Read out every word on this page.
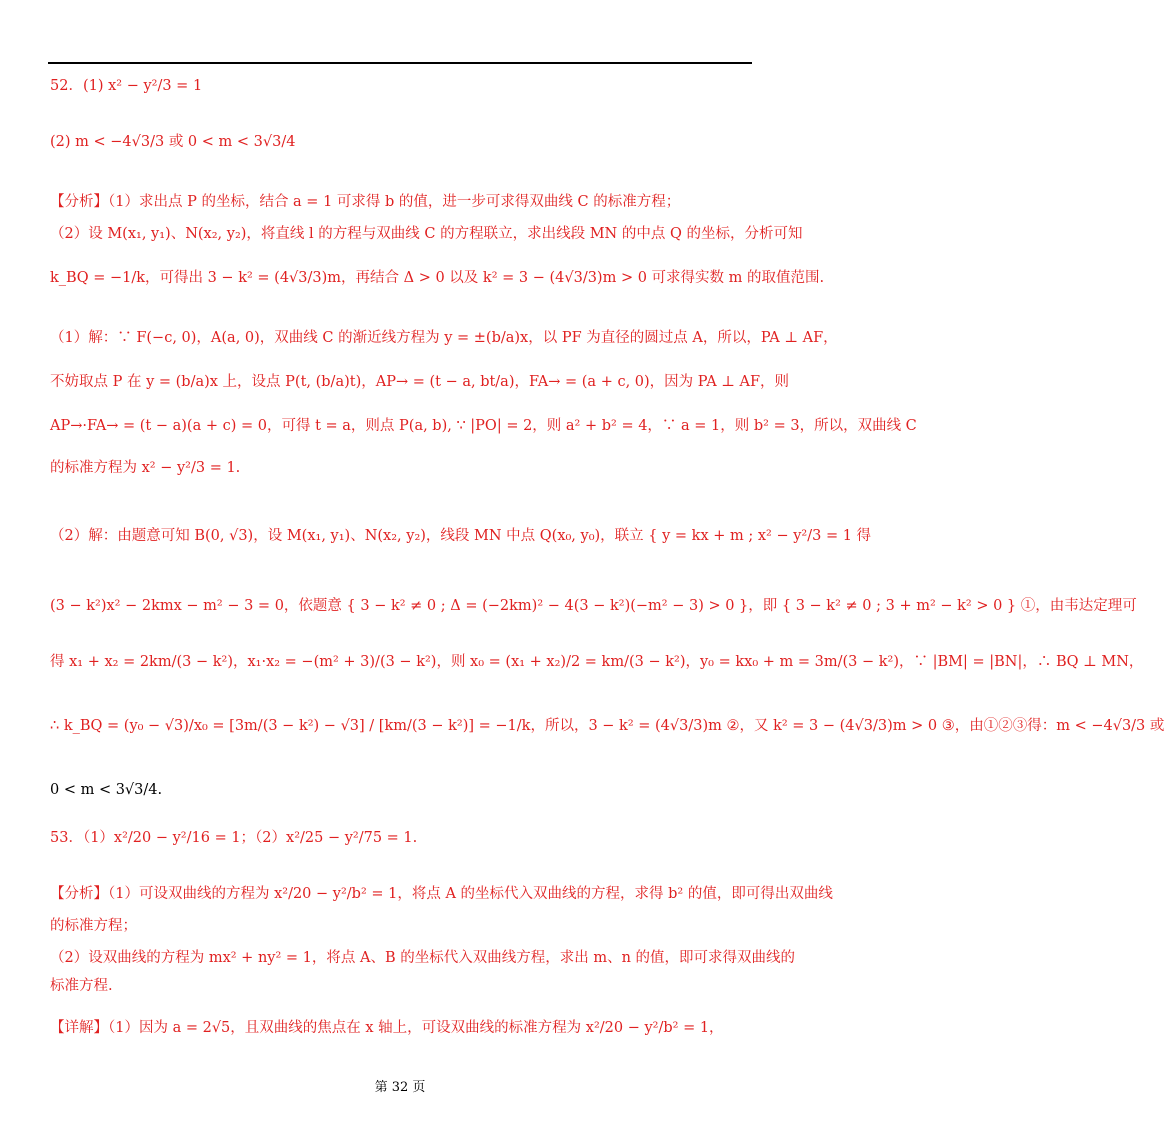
52．(1) x² − y²/3 = 1
(2) m < −4√3/3 或 0 < m < 3√3/4
【分析】（1）求出点 P 的坐标，结合 a = 1 可求得 b 的值，进一步可求得双曲线 C 的标准方程；
（2）设 M(x₁, y₁)、N(x₂, y₂)，将直线 l 的方程与双曲线 C 的方程联立，求出线段 MN 的中点 Q 的坐标，分析可知
k_BQ = −1/k，可得出 3 − k² = (4√3/3)m，再结合 Δ > 0 以及 k² = 3 − (4√3/3)m > 0 可求得实数 m 的取值范围.
（1）解：∵ F(−c, 0)，A(a, 0)，双曲线 C 的渐近线方程为 y = ±(b/a)x，以 PF 为直径的圆过点 A，所以，PA ⊥ AF，
不妨取点 P 在 y = (b/a)x 上，设点 P(t, (b/a)t)，AP→ = (t − a, bt/a)，FA→ = (a + c, 0)，因为 PA ⊥ AF，则
AP→·FA→ = (t − a)(a + c) = 0，可得 t = a，则点 P(a, b), ∵ |PO| = 2，则 a² + b² = 4，∵ a = 1，则 b² = 3，所以，双曲线 C
的标准方程为 x² − y²/3 = 1.
（2）解：由题意可知 B(0, √3)，设 M(x₁, y₁)、N(x₂, y₂)，线段 MN 中点 Q(x₀, y₀)，联立 { y = kx + m ; x² − y²/3 = 1 得
(3 − k²)x² − 2kmx − m² − 3 = 0，依题意 { 3 − k² ≠ 0 ; Δ = (−2km)² − 4(3 − k²)(−m² − 3) > 0 }，即 { 3 − k² ≠ 0 ; 3 + m² − k² > 0 } ①，由韦达定理可
得 x₁ + x₂ = 2km/(3 − k²)，x₁·x₂ = −(m² + 3)/(3 − k²)，则 x₀ = (x₁ + x₂)/2 = km/(3 − k²)，y₀ = kx₀ + m = 3m/(3 − k²)，∵ |BM| = |BN|，∴ BQ ⊥ MN，
∴ k_BQ = (y₀ − √3)/x₀ = [3m/(3 − k²) − √3] / [km/(3 − k²)] = −1/k，所以，3 − k² = (4√3/3)m ②，又 k² = 3 − (4√3/3)m > 0 ③，由①②③得：m < −4√3/3 或
0 < m < 3√3/4.
53．（1）x²/20 − y²/16 = 1；（2）x²/25 − y²/75 = 1.
【分析】（1）可设双曲线的方程为 x²/20 − y²/b² = 1，将点 A 的坐标代入双曲线的方程，求得 b² 的值，即可得出双曲线
的标准方程；
（2）设双曲线的方程为 mx² + ny² = 1，将点 A、B 的坐标代入双曲线方程，求出 m、n 的值，即可求得双曲线的
标准方程.
【详解】（1）因为 a = 2√5，且双曲线的焦点在 x 轴上，可设双曲线的标准方程为 x²/20 − y²/b² = 1，
第 32 页
